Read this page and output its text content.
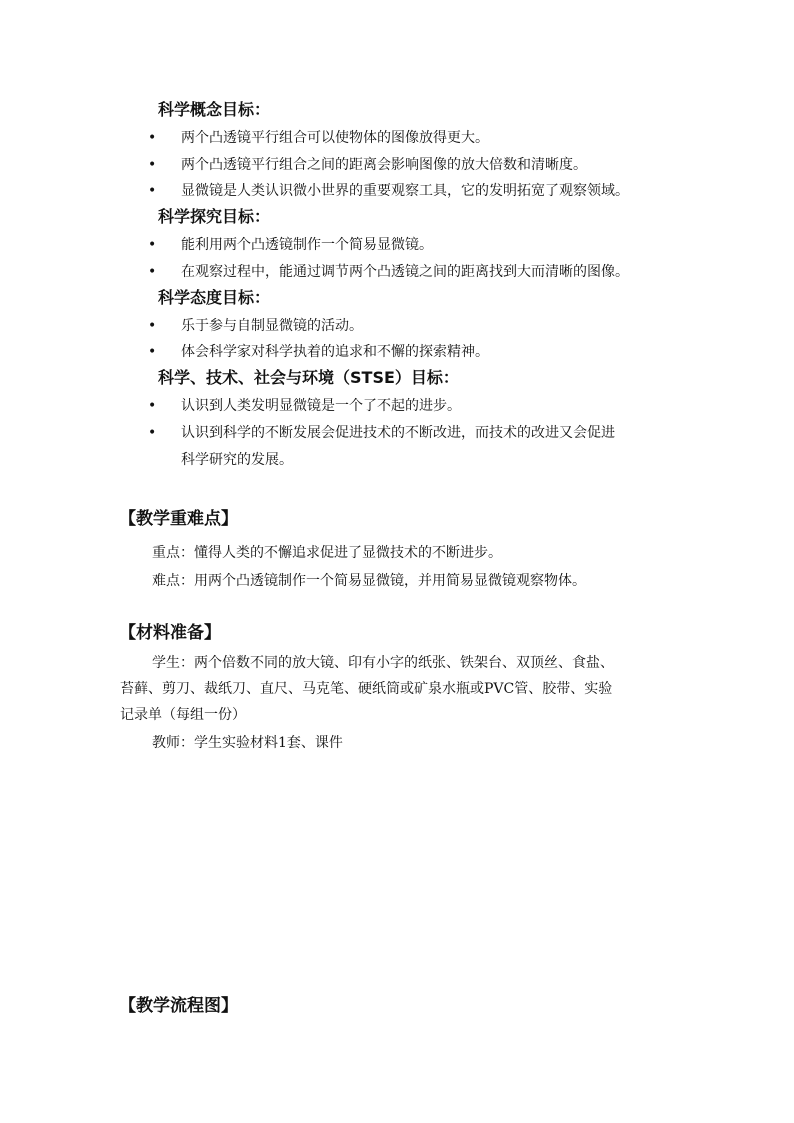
科学概念目标：
• 两个凸透镜平行组合可以使物体的图像放得更大。
• 两个凸透镜平行组合之间的距离会影响图像的放大倍数和清晰度。
• 显微镜是人类认识微小世界的重要观察工具，它的发明拓宽了观察领域。
科学探究目标：
• 能利用两个凸透镜制作一个简易显微镜。
• 在观察过程中，能通过调节两个凸透镜之间的距离找到大而清晰的图像。
科学态度目标：
• 乐于参与自制显微镜的活动。
• 体会科学家对科学执着的追求和不懈的探索精神。
科学、技术、社会与环境（STSE）目标：
• 认识到人类发明显微镜是一个了不起的进步。
• 认识到科学的不断发展会促进技术的不断改进，而技术的改进又会促进
科学研究的发展。
【教学重难点】
重点：懂得人类的不懈追求促进了显微技术的不断进步。
难点：用两个凸透镜制作一个简易显微镜，并用简易显微镜观察物体。
【材料准备】
学生：两个倍数不同的放大镜、印有小字的纸张、铁架台、双顶丝、食盐、
苔藓、剪刀、裁纸刀、直尺、马克笔、硬纸筒或矿泉水瓶或PVC管、胶带、实验
记录单（每组一份）
教师：学生实验材料1套、课件
【教学流程图】
